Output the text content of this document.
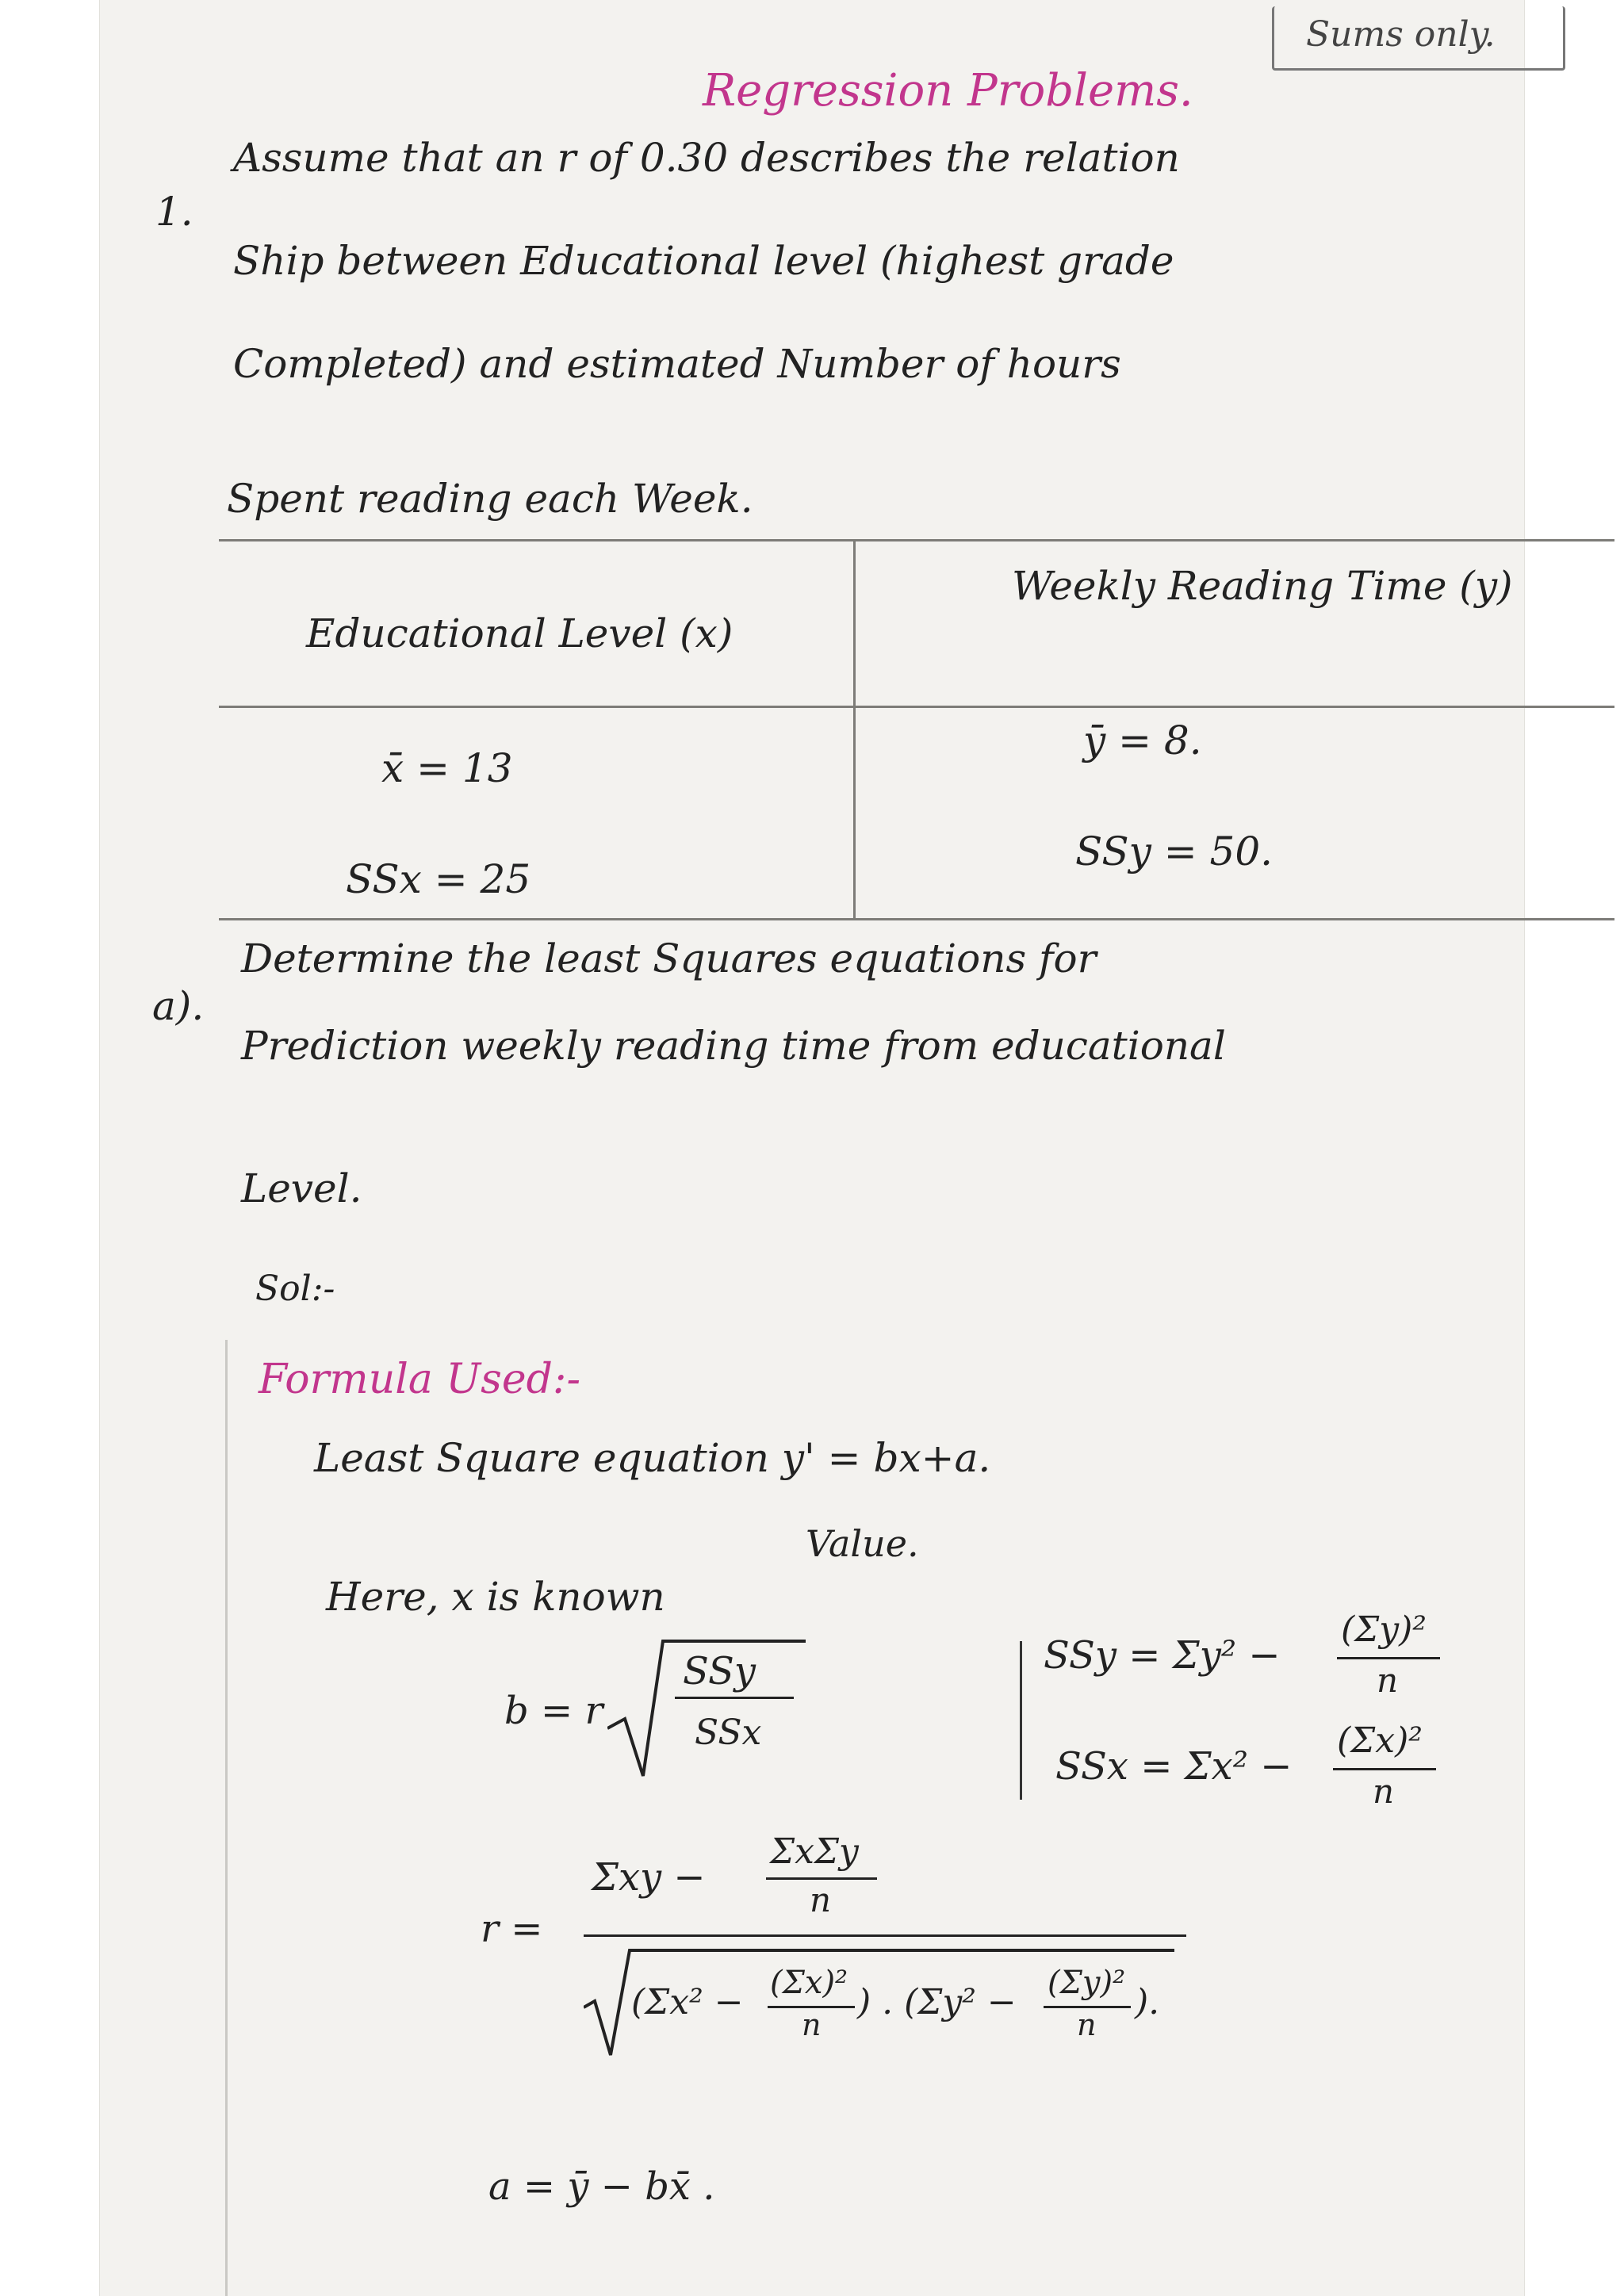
Sums only.
Regression Problems.
1.
Assume that an r of 0.30 describes the relation
Ship between Educational level (highest grade
Completed) and estimated Number of hours
Spent reading each Week.
Educational Level (x)
Weekly Reading Time (y)
x̄ = 13
SSx = 25
ȳ = 8.
SSy = 50.
a).
Determine the least Squares equations for
Prediction weekly reading time from educational
Level.
Sol:-
Formula Used:-
Least Square equation y' = bx+a.
Value.
Here, x is known
b = r
SSy
SSx
SSy = Σy² −
(Σy)²
n
SSx = Σx² −
(Σx)²
n
r =
Σxy −
ΣxΣy
n
(Σx² − (Σx)²
n
) . (Σy² − (Σy)²
n
).
a = ȳ − bx̄ .
